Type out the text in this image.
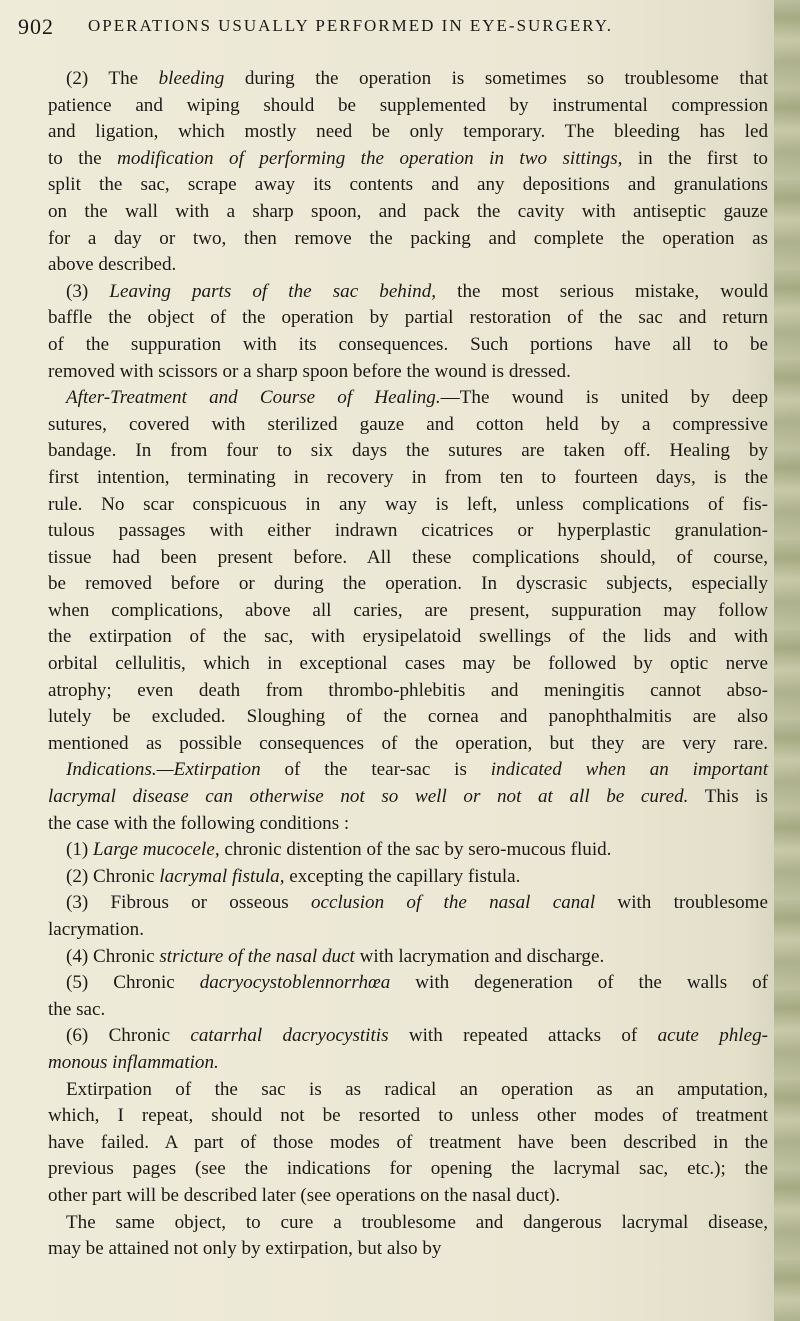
902 OPERATIONS USUALLY PERFORMED IN EYE-SURGERY.
(2) The bleeding during the operation is sometimes so troublesome that
patience and wiping should be supplemented by instrumental compression
and ligation, which mostly need be only temporary. The bleeding has led
to the modification of performing the operation in two sittings, in the first to
split the sac, scrape away its contents and any depositions and granulations
on the wall with a sharp spoon, and pack the cavity with antiseptic gauze
for a day or two, then remove the packing and complete the operation as
above described.
(3) Leaving parts of the sac behind, the most serious mistake, would
baffle the object of the operation by partial restoration of the sac and return
of the suppuration with its consequences. Such portions have all to be
removed with scissors or a sharp spoon before the wound is dressed.
After-Treatment and Course of Healing.—The wound is united by deep
sutures, covered with sterilized gauze and cotton held by a compressive
bandage. In from four to six days the sutures are taken off. Healing by
first intention, terminating in recovery in from ten to fourteen days, is the
rule. No scar conspicuous in any way is left, unless complications of fis-
tulous passages with either indrawn cicatrices or hyperplastic granulation-
tissue had been present before. All these complications should, of course,
be removed before or during the operation. In dyscrasic subjects, especially
when complications, above all caries, are present, suppuration may follow
the extirpation of the sac, with erysipelatoid swellings of the lids and with
orbital cellulitis, which in exceptional cases may be followed by optic nerve
atrophy; even death from thrombo-phlebitis and meningitis cannot abso-
lutely be excluded. Sloughing of the cornea and panophthalmitis are also
mentioned as possible consequences of the operation, but they are very rare.
Indications.—Extirpation of the tear-sac is indicated when an important
lacrymal disease can otherwise not so well or not at all be cured. This is
the case with the following conditions :
(1) Large mucocele, chronic distention of the sac by sero-mucous fluid.
(2) Chronic lacrymal fistula, excepting the capillary fistula.
(3) Fibrous or osseous occlusion of the nasal canal with troublesome
lacrymation.
(4) Chronic stricture of the nasal duct with lacrymation and discharge.
(5) Chronic dacryocystoblennorrhœa with degeneration of the walls of
the sac.
(6) Chronic catarrhal dacryocystitis with repeated attacks of acute phleg-
monous inflammation.
Extirpation of the sac is as radical an operation as an amputation,
which, I repeat, should not be resorted to unless other modes of treatment
have failed. A part of those modes of treatment have been described in the
previous pages (see the indications for opening the lacrymal sac, etc.); the
other part will be described later (see operations on the nasal duct).
The same object, to cure a troublesome and dangerous lacrymal disease,
may be attained not only by extirpation, but also by
